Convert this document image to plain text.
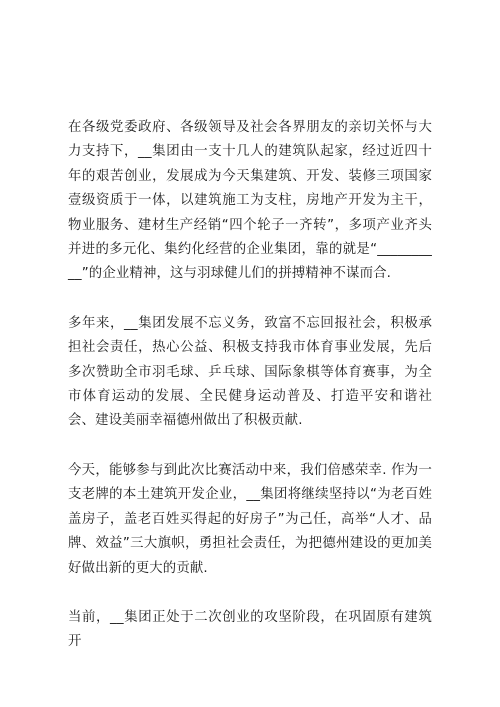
在各级党委政府、各级领导及社会各界朋友的亲切关怀与大力支持下，__集团由一支十几人的建筑队起家，经过近四十年的艰苦创业，发展成为今天集建筑、开发、装修三项国家壹级资质于一体，以建筑施工为支柱，房地产开发为主干，物业服务、建材生产经销“四个轮子一齐转”，多项产业齐头并进的多元化、集约化经营的企业集团，靠的就是“__________”的企业精神，这与羽球健儿们的拼搏精神不谋而合.

多年来，__集团发展不忘义务，致富不忘回报社会，积极承担社会责任，热心公益、积极支持我市体育事业发展，先后多次赞助全市羽毛球、乒乓球、国际象棋等体育赛事，为全市体育运动的发展、全民健身运动普及、打造平安和谐社会、建设美丽幸福德州做出了积极贡献.

今天，能够参与到此次比赛活动中来，我们倍感荣幸. 作为一支老牌的本土建筑开发企业，__集团将继续坚持以“为老百姓盖房子，盖老百姓买得起的好房子”为己任，高举“人才、品牌、效益”三大旗帜，勇担社会责任，为把德州建设的更加美好做出新的更大的贡献.

当前，__集团正处于二次创业的攻坚阶段，在巩固原有建筑开
